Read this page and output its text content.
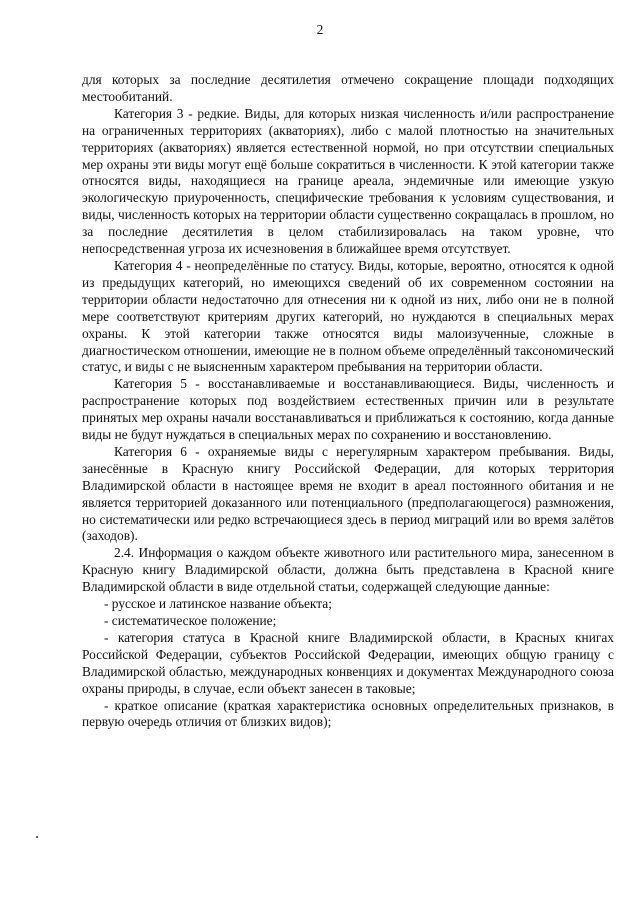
2

для которых за последние десятилетия отмечено сокращение площади подходящих местообитаний.

Категория 3 - редкие. Виды, для которых низкая численность и/или распространение на ограниченных территориях (акваториях), либо с малой плотностью на значительных территориях (акваториях) является естественной нормой, но при отсутствии специальных мер охраны эти виды могут ещё больше сократиться в численности. К этой категории также относятся виды, находящиеся на границе ареала, эндемичные или имеющие узкую экологическую приуроченность, специфические требования к условиям существования, и виды, численность которых на территории области существенно сокращалась в прошлом, но за последние десятилетия в целом стабилизировалась на таком уровне, что непосредственная угроза их исчезновения в ближайшее время отсутствует.

Категория 4 - неопределённые по статусу. Виды, которые, вероятно, относятся к одной из предыдущих категорий, но имеющихся сведений об их современном состоянии на территории области недостаточно для отнесения ни к одной из них, либо они не в полной мере соответствуют критериям других категорий, но нуждаются в специальных мерах охраны. К этой категории также относятся виды малоизученные, сложные в диагностическом отношении, имеющие не в полном объеме определённый таксономический статус, и виды с не выясненным характером пребывания на территории области.

Категория 5 - восстанавливаемые и восстанавливающиеся. Виды, численность и распространение которых под воздействием естественных причин или в результате принятых мер охраны начали восстанавливаться и приближаться к состоянию, когда данные виды не будут нуждаться в специальных мерах по сохранению и восстановлению.

Категория 6 - охраняемые виды с нерегулярным характером пребывания. Виды, занесённые в Красную книгу Российской Федерации, для которых территория Владимирской области в настоящее время не входит в ареал постоянного обитания и не является территорией доказанного или потенциального (предполагающегося) размножения, но систематически или редко встречающиеся здесь в период миграций или во время залётов (заходов).

2.4. Информация о каждом объекте животного или растительного мира, занесенном в Красную книгу Владимирской области, должна быть представлена в Красной книге Владимирской области в виде отдельной статьи, содержащей следующие данные:

- русское и латинское название объекта;

- систематическое положение;

- категория статуса в Красной книге Владимирской области, в Красных книгах Российской Федерации, субъектов Российской Федерации, имеющих общую границу с Владимирской областью, международных конвенциях и документах Международного союза охраны природы, в случае, если объект занесен в таковые;

- краткое описание (краткая характеристика основных определительных признаков, в первую очередь отличия от близких видов);
